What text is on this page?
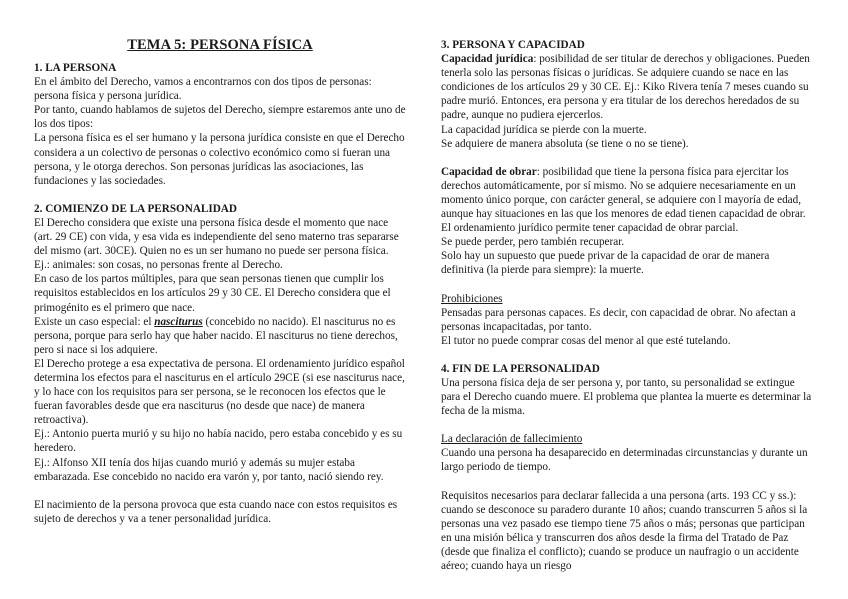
TEMA 5: PERSONA FÍSICA
1. LA PERSONA

En el ámbito del Derecho, vamos a encontrarnos con dos tipos de personas: persona física y persona jurídica.

Por tanto, cuando hablamos de sujetos del Derecho, siempre estaremos ante uno de los dos tipos:

La persona física es el ser humano y la persona jurídica consiste en que el Derecho considera a un colectivo de personas o colectivo económico como si fueran una persona, y le otorga derechos. Son personas jurídicas las asociaciones, las fundaciones y las sociedades.

2. COMIENZO DE LA PERSONALIDAD

El Derecho considera que existe una persona física desde el momento que nace (art. 29 CE) con vida, y esa vida es independiente del seno materno tras separarse del mismo (art. 30CE). Quien no es un ser humano no puede ser persona física. Ej.: animales: son cosas, no personas frente al Derecho.

En caso de los partos múltiples, para que sean personas tienen que cumplir los requisitos establecidos en los artículos 29 y 30 CE. El Derecho considera que el primogénito es el primero que nace.

Existe un caso especial: el nasciturus (concebido no nacido). El nasciturus no es persona, porque para serlo hay que haber nacido. El nasciturus no tiene derechos, pero si nace si los adquiere.

El Derecho protege a esa expectativa de persona. El ordenamiento jurídico español determina los efectos para el nasciturus en el artículo 29CE (si ese nasciturus nace, y lo hace con los requisitos para ser persona, se le reconocen los efectos que le fueran favorables desde que era nasciturus (no desde que nace) de manera retroactiva).

Ej.: Antonio puerta murió y su hijo no había nacido, pero estaba concebido y es su heredero.

Ej.: Alfonso XII tenía dos hijas cuando murió y además su mujer estaba embarazada. Ese concebido no nacido era varón y, por tanto, nació siendo rey.

El nacimiento de la persona provoca que esta cuando nace con estos requisitos es sujeto de derechos y va a tener personalidad jurídica.

3. PERSONA Y CAPACIDAD

Capacidad jurídica: posibilidad de ser titular de derechos y obligaciones. Pueden tenerla solo las personas físicas o jurídicas. Se adquiere cuando se nace en las condiciones de los artículos 29 y 30 CE. Ej.: Kiko Rivera tenía 7 meses cuando su padre murió. Entonces, era persona y era titular de los derechos heredados de su padre, aunque no pudiera ejercerlos.

La capacidad jurídica se pierde con la muerte.

Se adquiere de manera absoluta (se tiene o no se tiene).

Capacidad de obrar: posibilidad que tiene la persona física para ejercitar los derechos automáticamente, por sí mismo. No se adquiere necesariamente en un momento único porque, con carácter general, se adquiere con l mayoría de edad, aunque hay situaciones en las que los menores de edad tienen capacidad de obrar.

El ordenamiento jurídico permite tener capacidad de obrar parcial.

Se puede perder, pero también recuperar.

Solo hay un supuesto que puede privar de la capacidad de orar de manera definitiva (la pierde para siempre): la muerte.

Prohibiciones

Pensadas para personas capaces. Es decir, con capacidad de obrar. No afectan a personas incapacitadas, por tanto.

El tutor no puede comprar cosas del menor al que esté tutelando.

4. FIN DE LA PERSONALIDAD

Una persona física deja de ser persona y, por tanto, su personalidad se extingue para el Derecho cuando muere. El problema que plantea la muerte es determinar la fecha de la misma.

La declaración de fallecimiento

Cuando una persona ha desaparecido en determinadas circunstancias y durante un largo periodo de tiempo.

Requisitos necesarios para declarar fallecida a una persona (arts. 193 CC y ss.): cuando se desconoce su paradero durante 10 años; cuando transcurren 5 años si la personas una vez pasado ese tiempo tiene 75 años o más; personas que participan en una misión bélica y transcurren dos años desde la firma del Tratado de Paz (desde que finaliza el conflicto); cuando se produce un naufragio o un accidente aéreo; cuando haya un riesgo
